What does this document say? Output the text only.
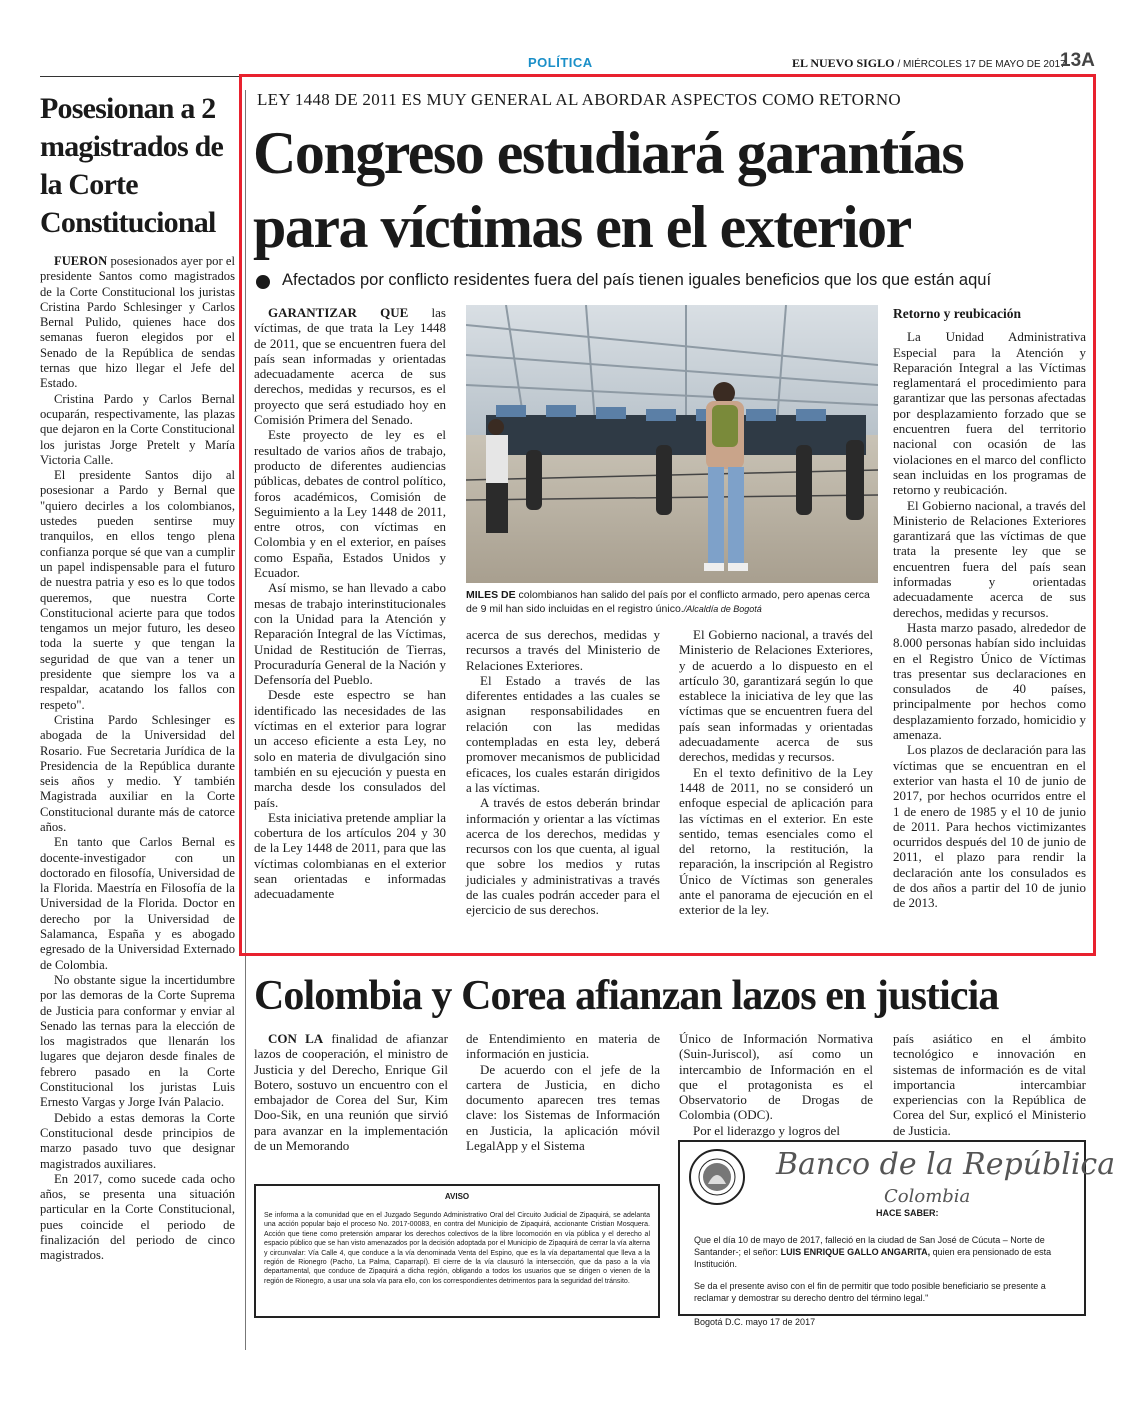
POLÍTICA	EL NUEVO SIGLO / MIÉRCOLES 17 DE MAYO DE 2017
13A
Posesionan a 2 magistrados de la Corte Constitucional

FUERON posesionados ayer por el presidente Santos como magistrados de la Corte Constitucional los juristas Cristina Pardo Schlesinger y Carlos Bernal Pulido, quienes hace dos semanas fueron elegidos por el Senado de la República de sendas ternas que hizo llegar el Jefe del Estado.

Cristina Pardo y Carlos Bernal ocuparán, respectivamente, las plazas que dejaron en la Corte Constitucional los juristas Jorge Pretelt y María Victoria Calle.

El presidente Santos dijo al posesionar a Pardo y Bernal que "quiero decirles a los colombianos, ustedes pueden sentirse muy tranquilos, en ellos tengo plena confianza porque sé que van a cumplir un papel indispensable para el futuro de nuestra patria y eso es lo que todos queremos, que nuestra Corte Constitucional acierte para que todos tengamos un mejor futuro, les deseo toda la suerte y que tengan la seguridad de que van a tener un presidente que siempre los va a respaldar, acatando los fallos con respeto".

Cristina Pardo Schlesinger es abogada de la Universidad del Rosario. Fue Secretaria Jurídica de la Presidencia de la República durante seis años y medio. Y también Magistrada auxiliar en la Corte Constitucional durante más de catorce años.

En tanto que Carlos Bernal es docente-investigador con un doctorado en filosofía, Universidad de la Florida. Maestría en Filosofía de la Universidad de la Florida. Doctor en derecho por la Universidad de Salamanca, España y es abogado egresado de la Universidad Externado de Colombia.

No obstante sigue la incertidumbre por las demoras de la Corte Suprema de Justicia para conformar y enviar al Senado las ternas para la elección de los magistrados que llenarán los lugares que dejaron desde finales de febrero pasado en la Corte Constitucional los juristas Luis Ernesto Vargas y Jorge Iván Palacio.

Debido a estas demoras la Corte Constitucional desde principios de marzo pasado tuvo que designar magistrados auxiliares.

En 2017, como sucede cada ocho años, se presenta una situación particular en la Corte Constitucional, pues coincide el periodo de finalización del periodo de cinco magistrados.

LEY 1448 DE 2011 ES MUY GENERAL AL ABORDAR ASPECTOS COMO RETORNO
Congreso estudiará garantías
para víctimas en el exterior
Afectados por conflicto residentes fuera del país tienen iguales beneficios que los que están aquí

GARANTIZAR QUE las víctimas, de que trata la Ley 1448 de 2011, que se encuentren fuera del país sean informadas y orientadas adecuadamente acerca de sus derechos, medidas y recursos, es el proyecto que será estudiado hoy en Comisión Primera del Senado.

Este proyecto de ley es el resultado de varios años de trabajo, producto de diferentes audiencias públicas, debates de control político, foros académicos, Comisión de Seguimiento a la Ley 1448 de 2011, entre otros, con víctimas en Colombia y en el exterior, en países como España, Estados Unidos y Ecuador.

Así mismo, se han llevado a cabo mesas de trabajo interinstitucionales con la Unidad para la Atención y Reparación Integral de las Víctimas, Unidad de Restitución de Tierras, Procuraduría General de la Nación y Defensoría del Pueblo.

Desde este espectro se han identificado las necesidades de las víctimas en el exterior para lograr un acceso eficiente a esta Ley, no solo en materia de divulgación sino también en su ejecución y puesta en marcha desde los consulados del país.

Esta iniciativa pretende ampliar la cobertura de los artículos 204 y 30 de la Ley 1448 de 2011, para que las víctimas colombianas en el exterior sean orientadas e informadas adecuadamente

MILES DE colombianos han salido del país por el conflicto armado, pero apenas cerca de 9 mil han sido incluidas en el registro único./Alcaldía de Bogotá

acerca de sus derechos, medidas y recursos a través del Ministerio de Relaciones Exteriores.

El Estado a través de las diferentes entidades a las cuales se asignan responsabilidades en relación con las medidas contempladas en esta ley, deberá promover mecanismos de publicidad eficaces, los cuales estarán dirigidos a las víctimas.

A través de estos deberán brindar información y orientar a las víctimas acerca de los derechos, medidas y recursos con los que cuenta, al igual que sobre los medios y rutas judiciales y administrativas a través de las cuales podrán acceder para el ejercicio de sus derechos.

El Gobierno nacional, a través del Ministerio de Relaciones Exteriores, y de acuerdo a lo dispuesto en el artículo 30, garantizará según lo que establece la iniciativa de ley que las víctimas que se encuentren fuera del país sean informadas y orientadas adecuadamente acerca de sus derechos, medidas y recursos.

En el texto definitivo de la Ley 1448 de 2011, no se consideró un enfoque especial de aplicación para las víctimas en el exterior. En este sentido, temas esenciales como el del retorno, la restitución, la reparación, la inscripción al Registro Único de Víctimas son generales ante el panorama de ejecución en el exterior de la ley.

Retorno y reubicación

La Unidad Administrativa Especial para la Atención y Reparación Integral a las Víctimas reglamentará el procedimiento para garantizar que las personas afectadas por desplazamiento forzado que se encuentren fuera del territorio nacional con ocasión de las violaciones en el marco del conflicto sean incluidas en los programas de retorno y reubicación.

El Gobierno nacional, a través del Ministerio de Relaciones Exteriores garantizará que las víctimas de que trata la presente ley que se encuentren fuera del país sean informadas y orientadas adecuadamente acerca de sus derechos, medidas y recursos.

Hasta marzo pasado, alrededor de 8.000 personas habían sido incluidas en el Registro Único de Víctimas tras presentar sus declaraciones en consulados de 40 países, principalmente por hechos como desplazamiento forzado, homicidio y amenaza.

Los plazos de declaración para las víctimas que se encuentran en el exterior van hasta el 10 de junio de 2017, por hechos ocurridos entre el 1 de enero de 1985 y el 10 de junio de 2011. Para hechos victimizantes ocurridos después del 10 de junio de 2011, el plazo para rendir la declaración ante los consulados es de dos años a partir del 10 de junio de 2013.

Colombia y Corea afianzan lazos en justicia

CON LA finalidad de afianzar lazos de cooperación, el ministro de Justicia y del Derecho, Enrique Gil Botero, sostuvo un encuentro con el embajador de Corea del Sur, Kim Doo-Sik, en una reunión que sirvió para avanzar en la implementación de un Memorando

de Entendimiento en materia de información en justicia.

De acuerdo con el jefe de la cartera de Justicia, en dicho documento aparecen tres temas clave: los Sistemas de Información en Justicia, la aplicación móvil LegalApp y el Sistema

Único de Información Normativa (Suin-Juriscol), así como un intercambio de Información en el que el protagonista es el Observatorio de Drogas de Colombia (ODC).

Por el liderazgo y logros del

país asiático en el ámbito tecnológico e innovación en sistemas de información es de vital importancia intercambiar experiencias con la República de Corea del Sur, explicó el Ministerio de Justicia.

AVISO
Se informa a la comunidad que en el Juzgado Segundo Administrativo Oral del Circuito Judicial de Zipaquirá, se adelanta una acción popular bajo el proceso No. 2017-00083, en contra del Municipio de Zipaquirá, accionante Cristian Mosquera. Acción que tiene como pretensión amparar los derechos colectivos de la libre locomoción en vía pública y el derecho al espacio público que se han visto amenazados por la decisión adoptada por el Municipio de Zipaquirá de cerrar la vía alterna y circunvalar: Vía Calle 4, que conduce a la vía denominada Venta del Espino, que es la vía departamental que lleva a la región de Rionegro (Pacho, La Palma, Caparrapí). El cierre de la vía clausuró la intersección, que da paso a la vía departamental, que conduce de Zipaquirá a dicha región, obligando a todos los usuarios que se dirigen o vienen de la región de Rionegro, a usar una sola vía para ello, con los correspondientes detrimentos para la seguridad del tránsito.
Banco de la República
Colombia
HACE SABER:
Que el día 10 de mayo de 2017, falleció en la ciudad de San José de Cúcuta – Norte de Santander-; el señor: LUIS ENRIQUE GALLO ANGARITA, quien era pensionado de esta Institución.
Se da el presente aviso con el fin de permitir que todo posible beneficiario se presente a reclamar y demostrar su derecho dentro del término legal."
Bogotá D.C. mayo 17 de 2017
